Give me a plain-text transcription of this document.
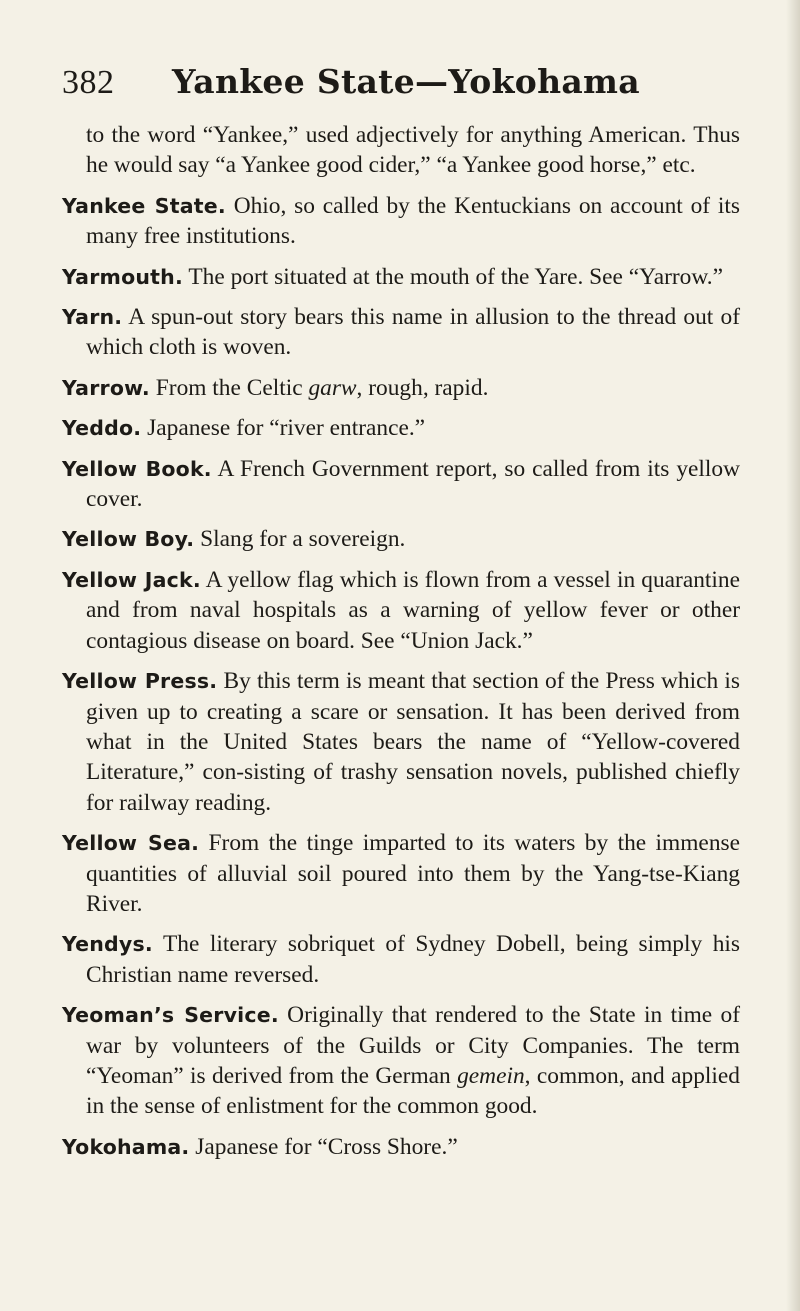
382	Yankee State—Yokohama

to the word “Yankee,” used adjectively for anything American. Thus he would say “a Yankee good cider,” “a Yankee good horse,” etc.

Yankee State. Ohio, so called by the Kentuckians on account of its many free institutions.

Yarmouth. The port situated at the mouth of the Yare. See “Yarrow.”

Yarn. A spun-out story bears this name in allusion to the thread out of which cloth is woven.

Yarrow. From the Celtic garw, rough, rapid.

Yeddo. Japanese for “river entrance.”

Yellow Book. A French Government report, so called from its yellow cover.

Yellow Boy. Slang for a sovereign.

Yellow Jack. A yellow flag which is flown from a vessel in quarantine and from naval hospitals as a warning of yellow fever or other contagious disease on board. See “Union Jack.”

Yellow Press. By this term is meant that section of the Press which is given up to creating a scare or sensation. It has been derived from what in the United States bears the name of “Yellow-covered Literature,” con-sisting of trashy sensation novels, published chiefly for railway reading.

Yellow Sea. From the tinge imparted to its waters by the immense quantities of alluvial soil poured into them by the Yang-tse-Kiang River.

Yendys. The literary sobriquet of Sydney Dobell, being simply his Christian name reversed.

Yeoman’s Service. Originally that rendered to the State in time of war by volunteers of the Guilds or City Companies. The term “Yeoman” is derived from the German gemein, common, and applied in the sense of enlistment for the common good.

Yokohama. Japanese for “Cross Shore.”
